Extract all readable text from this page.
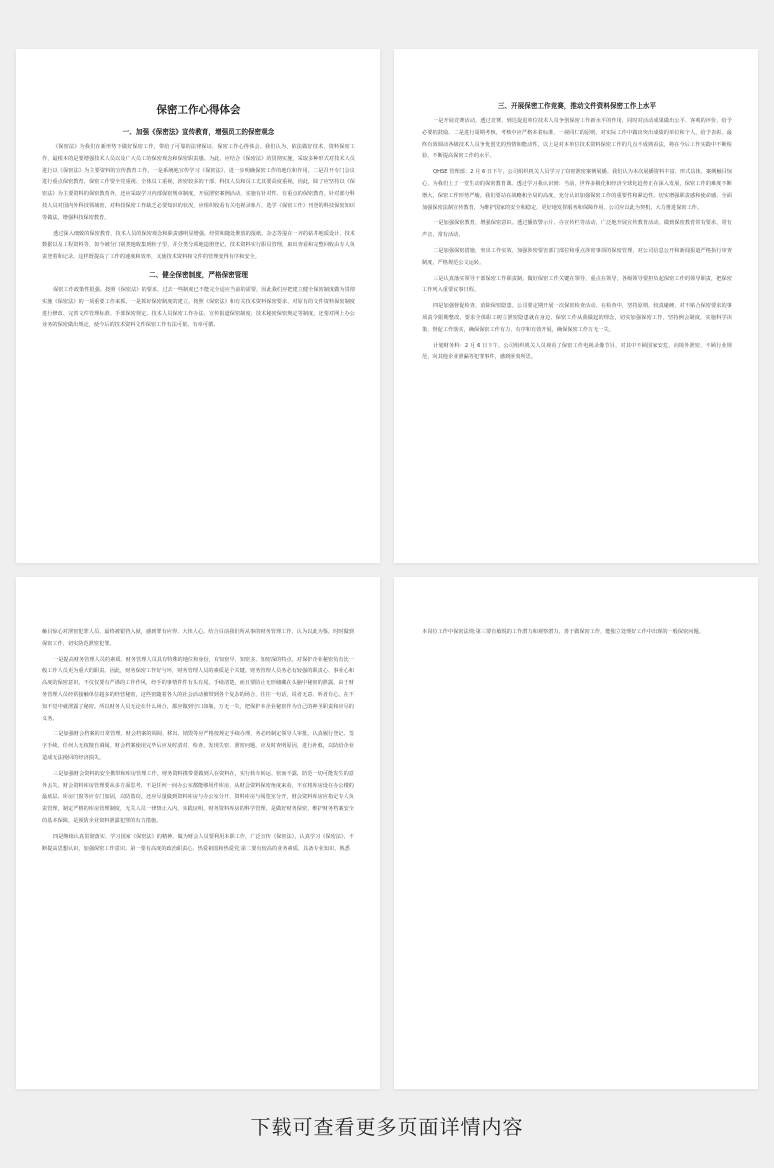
保密工作心得体会
一、加强《保密法》宣传教育，增强员工的保密观念

《保密法》为我们在新形势下做好保密工作，带给了可靠的法律保证，保密工作心得体会。我们认为，依法做好技术、资料保密工作，最根本的是要增强技术人员以及广大员工的保密观念和保密职责感。为此，应结合《保密法》的贯彻实施，采取多种形式对技术人员进行以《保密法》为主要资料的宣传教育工作。一是系统地宣传学习《保密法》，进一步明确保密工作的地位和作用。二是召开专门会议进行重点保密教育，保密工作要全党重视、全体员工重视，涉密较多的干部、科技人员和员工尤其要高度重视。因此，除了应坚持以《保密法》为主要资料的保密教育外，还应采取学习内部保密规章制度，开展泄密案例活动，实施有针对性、有重点的保密教育。针对部分科技人员对国内外科技领域密，对科技保密工作缺乏必要知识的状况，应组织收看有关电视录象片，选学《保密工作》刊登的科技保密知识等做法，增强科技保密教育。

透过深入细致的保密教育，技术人员的保密观念和职责感明显增强。经常和随处堆放的报纸、杂志等混在一齐的钻井地质设计、技术数据以及工程资料等，如今被分门别类地收集到柜子里，并分类分项地造册登记，技术资料实行职员管理，取出查看和完整回收由专人负责登着和记录。这样既提高了工作的速度和效率，又使技术资料和文件的管理变得有序和安全。

二、健全保密制度，严格保密管理

保密工作政策性很强。按照《保密法》的要求，过去一些制度已不能完全适应当前的需要，因此我们应把建立健全保密制度做为贯彻实施《保密法》的一项重要工作来抓。一是抓好保密制度的建立。按照《保密法》和有关技术资料保密要求，对原有的文件资料保密制度进行修改、完善文件管理标准、手部保密规定、技术人员保密工作办法、宣传报道保密制度、技术秘密保密规定等制度，还要对网上办公业务的保密做出规定，使今后的技术资料文件保密工作有法可依、有章可循。

三、开展保密工作竞赛，推动文件资料保密工作上水平

一是开展竞赛活动。透过竞赛，到达促进单位技术人员争创保密工作新水平的作用，同时对活动成果做出公平、客观的评价，给予必要的鼓励。二是进行周期考核，考核中应严格本着标准、一视同仁的原则，对实际工作中做出突出成绩的单位和个人，给予表彰。最终有效调动各级技术人员争优创先的热情和能动性，以上是对本单位技术资料保密工作的几点不成熟看法，将在今后工作实践中不断检验，不断提高保密工作的水平。

QHSE 管理部：2 月 6 日下午，公司组织机关人员学习了窃密泄密案例展播。我们认为本次展播资料丰富、形式具体，案例触目惊心，为我们上了一堂生动的保密教育课。透过学习我认识到：当前，世界多极化和经济全球化趋势正在深入发展，保密工作的难度不断增大，保密工作形势严峻。我们要站在战略和全局的高度，充分认识加强保密工作的重要性和紧迫性，切实增强职责感和使命感，全面加强保密法制宣传教育，为维护国家的安全和稳定，更好地发挥服务和保障作用。公司应以此为契机，大力推进保密工作。

一是加强保密教育，增强保密意识。透过播放警示片、办宣传栏等活动，广泛地开展宣传教育活动。做到保密教育常有要求，常有声音，常有活动。

二是加强保密措施，突出工作实效。加强涉密要害部门部位和重点涉密事项的保密管理，对公司信息公开和新闻报道严格执行审查制度，严格规范公文运转。

三是认真落实领导干部保密工作职责制。做好保密工作关键在领导，重点在领导，各级领导要担负起保密工作的领导职责，把保密工作列入重要议事日程。

四是加强督促检查，消除保密隐患。公司要定期开展一次保密检查活动。在检查中，坚持原则，较真碰硬，对不贴合保密要求的事项责令限期整改，要求全体职工树立泄密隐患就在身边、保密工作从我做起的理念，切实加强保密工作。坚持例会制度，实施科学决策，督促工作落实，确保保密工作有力、有序和有效开展，确保保密工作万无一失。

计划财务科：2 月 6 日下午，公司组织机关人员观看了保密工作电视录像节目，对其中不顾国家安危、向境外泄密，不顾行业规范、向其他企业泄漏等犯罪事件，感到匪夷所思。

触目惊心对泄密犯罪人员、最终被银铛入狱，感到罪有应得、大快人心。结合目前我们所从事的财务管理工作，认为以此为鉴，时时做到保密工作，切实防范泄密犯罪。

一是提高财务管理人员的素质。财务管理人员具有特殊的地位和身份，有知密早、知密多、知密深的特点。对保护企业秘密负有比一般工作人员更为重大的职责。因此，财务保密工作好与坏，财务管理人员的素质是个关键。财务管理人员务必有较强的职责心、事业心和高度的保密意识，不仅仅要有严谨的工作作风，经手的事情件件有头有尾，手续清楚，而且要防止无形储藏在头脑中秘密的泄露。由于财务管理人员经常接触单位超多的经营秘密，这些密随着各人的社会活动被带到各个复杂的场合，往往一句话，说者无意、听者有心，在不知不觉中就泄露了秘密。所以财务人员无论在什么场合，都应做到守口如瓶，万无一失，把保护本企业秘密作为自己的神圣职责和应尽的义务。

二是加强财会档案的日常管理。财会档案的调阅、移出、销毁等应严格按规定手续办理，务必经制定领导人审批，认真履行登记、签字手续，任何人无权擅自调阅。财会档案使用完毕后应及时清对、检查，发现失密、泄密问题，应及时查明原因，进行补救，以防给企业造成无法挽回的经济损失。

三是加强财会资料的安全携带和库房管理工作。财务资料携带要做到人在资料在，实行转车转运、密而不露，防范一切可能发生的意外丢失。财会资料库房管理要从多方面思考，不是任何一间办公室都能够用作库房，从财会资料保密角度来看，不宜将库房设在办公楼的最底层，库房门窗等应专门加固，以防盗窃。还应尽量做到资料库房与办公室分开，资料库房与阅览室分开，财会资料库房应指定专人负责管理，制定严格的库房管理制度，无关人员一律禁止入内。实践证明，财务资料库房的科学管理，是做好财务保密、维护财务档案安全的基本保障，是预防企业资料泄露犯罪的有力措施。

四是继续认真贯彻落实、学习国家《保密法》的精神。做为财会人员要利用本职工作，广泛宣传《保密法》，认真学习《保密法》，不断提高思想认识，加强保密工作意识。第一要有高度的政治职责心、热爱祖国和热爱党;第二要有较高的业务素质，具备专业知识、熟悉

本岗位工作中保密法规;第三要有敏锐的工作潜力和观察潜力，善于做保密工作，能独立处理好工作中出现的一般保密问题。

下载可查看更多页面详情内容
